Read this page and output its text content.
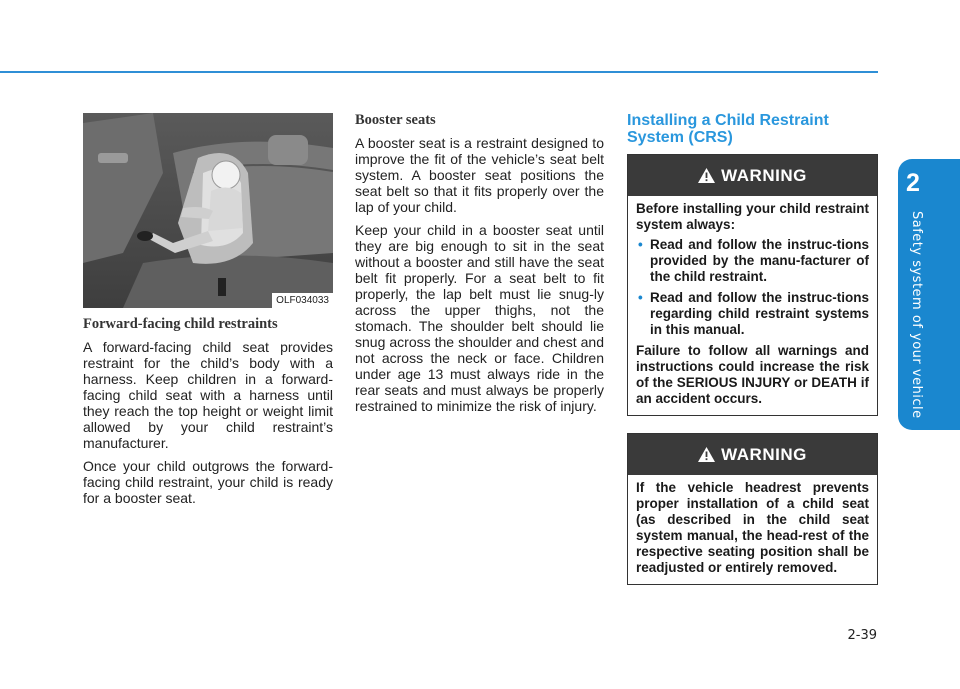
2
Safety system of your vehicle
OLF034033
Forward-facing child restraints

A forward-facing child seat provides restraint for the child’s body with a harness. Keep children in a forward-facing child seat with a harness until they reach the top height or weight limit allowed by your child restraint’s manufacturer.

Once your child outgrows the forward-facing child restraint, your child is ready for a booster seat.

Booster seats

A booster seat is a restraint designed to improve the fit of the vehicle’s seat belt system. A booster seat positions the seat belt so that it fits properly over the lap of your child.

Keep your child in a booster seat until they are big enough to sit in the seat without a booster and still have the seat belt fit properly. For a seat belt to fit properly, the lap belt must lie snug-ly across the upper thighs, not the stomach. The shoulder belt should lie snug across the shoulder and chest and not across the neck or face. Children under age 13 must always ride in the rear seats and must always be properly restrained to minimize the risk of injury.

Installing a Child Restraint System (CRS)
WARNING

Before installing your child restraint system always:

• Read and follow the instruc-tions provided by the manu-facturer of the child restraint.
• Read and follow the instruc-tions regarding child restraint systems in this manual.

Failure to follow all warnings and instructions could increase the risk of the SERIOUS INJURY or DEATH if an accident occurs.

WARNING

If the vehicle headrest prevents proper installation of a child seat (as described in the child seat system manual, the head-rest of the respective seating position shall be readjusted or entirely removed.

2-39
